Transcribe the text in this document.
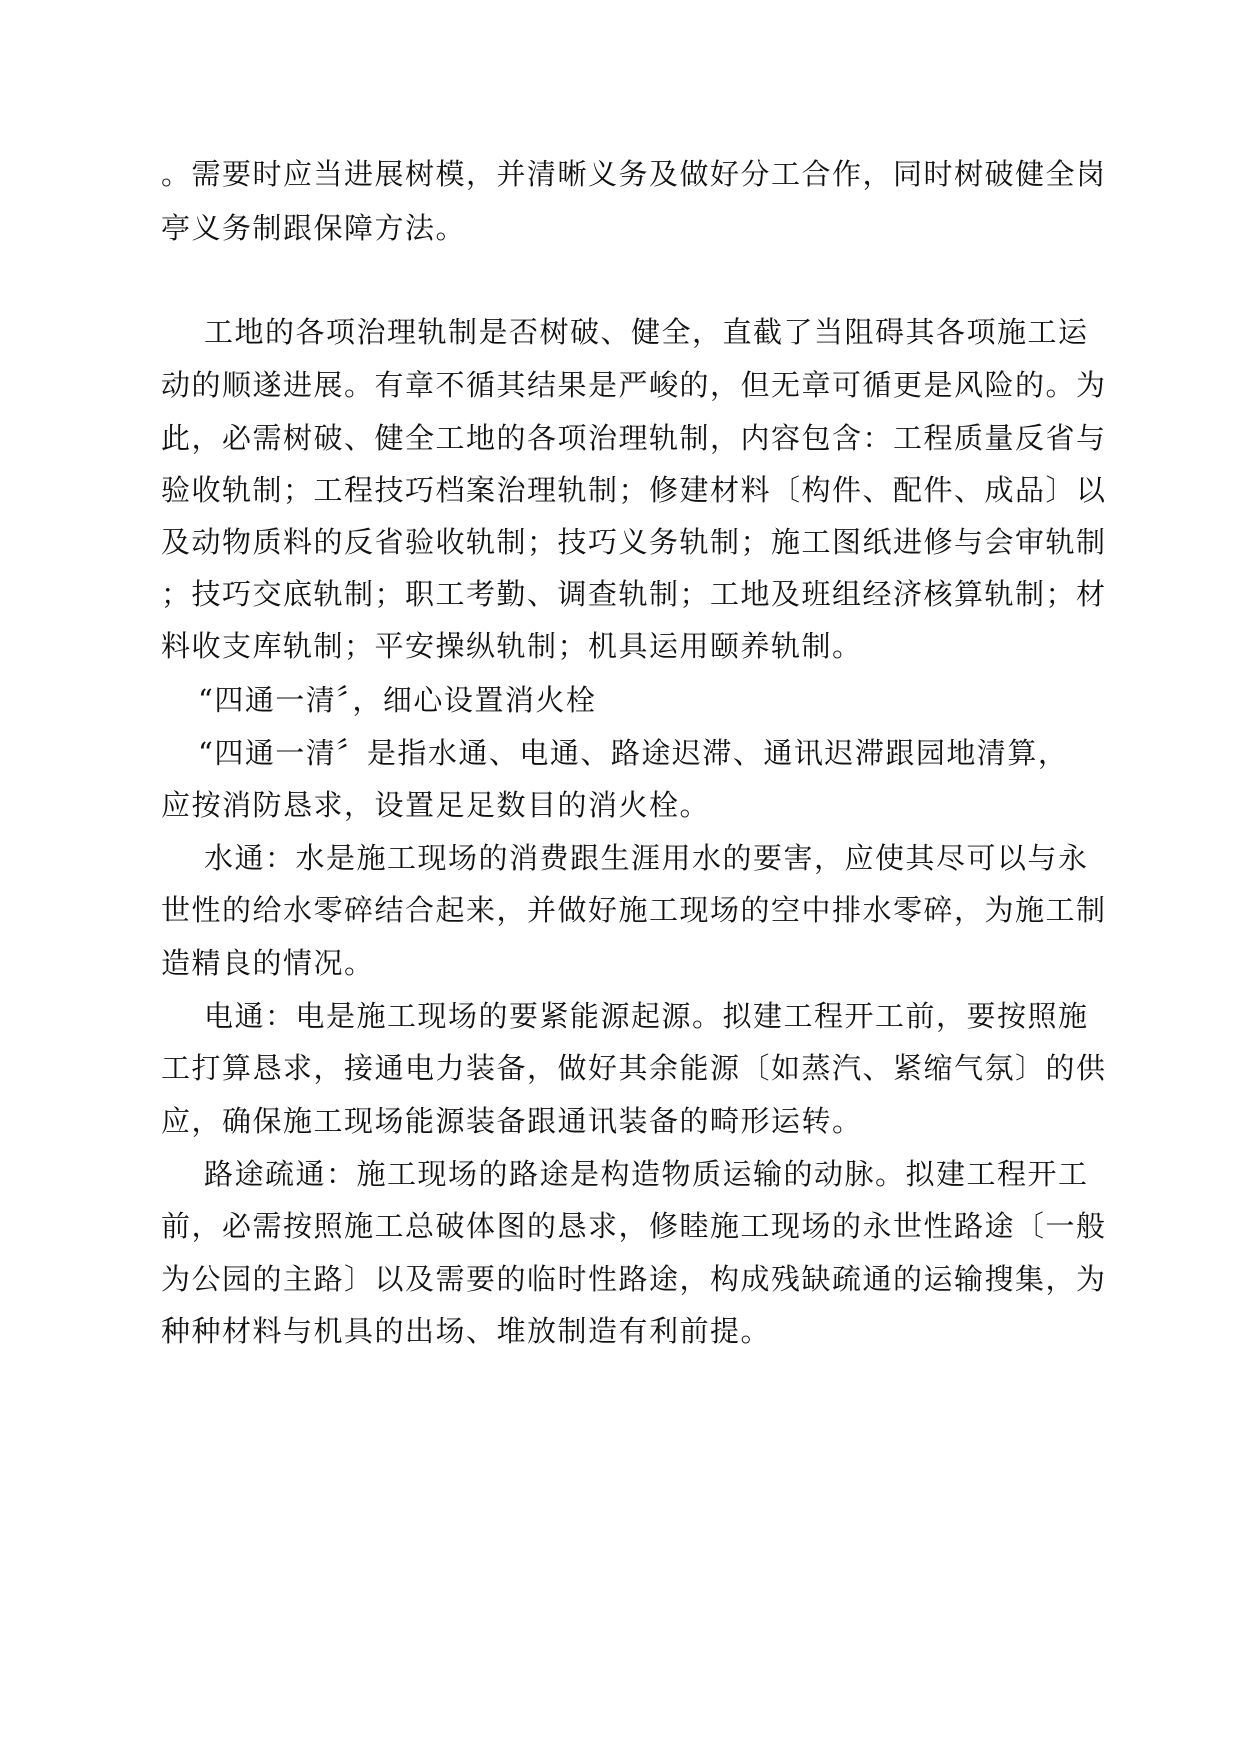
。需要时应当进展树模，并清晰义务及做好分工合作，同时树破健全岗
亭义务制跟保障方法。
工地的各项治理轨制是否树破、健全，直截了当阻碍其各项施工运
动的顺遂进展。有章不循其结果是严峻的，但无章可循更是风险的。为
此，必需树破、健全工地的各项治理轨制，内容包含：工程质量反省与
验收轨制；工程技巧档案治理轨制；修建材料〔构件、配件、成品〕以
及动物质料的反省验收轨制；技巧义务轨制；施工图纸进修与会审轨制
；技巧交底轨制；职工考勤、调查轨制；工地及班组经济核算轨制；材
料收支库轨制；平安操纵轨制；机具运用颐养轨制。
“四通一清〞，细心设置消火栓
“四通一清〞是指水通、电通、路途迟滞、通讯迟滞跟园地清算，
应按消防恳求，设置足足数目的消火栓。
水通：水是施工现场的消费跟生涯用水的要害，应使其尽可以与永
世性的给水零碎结合起来，并做好施工现场的空中排水零碎，为施工制
造精良的情况。
电通：电是施工现场的要紧能源起源。拟建工程开工前，要按照施
工打算恳求，接通电力装备，做好其余能源〔如蒸汽、紧缩气氛〕的供
应，确保施工现场能源装备跟通讯装备的畸形运转。
路途疏通：施工现场的路途是构造物质运输的动脉。拟建工程开工
前，必需按照施工总破体图的恳求，修睦施工现场的永世性路途〔一般
为公园的主路〕以及需要的临时性路途，构成残缺疏通的运输搜集，为
种种材料与机具的出场、堆放制造有利前提。
